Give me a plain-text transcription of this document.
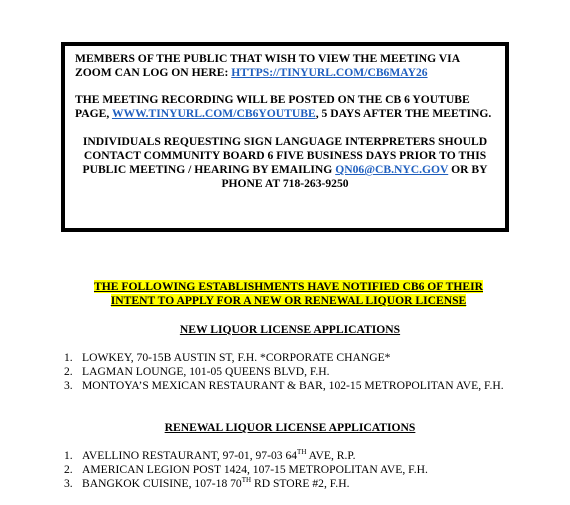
MEMBERS OF THE PUBLIC THAT WISH TO VIEW THE MEETING VIA ZOOM CAN LOG ON HERE: HTTPS://TINYURL.COM/CB6MAY26

THE MEETING RECORDING WILL BE POSTED ON THE CB 6 YOUTUBE PAGE, WWW.TINYURL.COM/CB6YOUTUBE, 5 DAYS AFTER THE MEETING.

INDIVIDUALS REQUESTING SIGN LANGUAGE INTERPRETERS SHOULD CONTACT COMMUNITY BOARD 6 FIVE BUSINESS DAYS PRIOR TO THIS PUBLIC MEETING / HEARING BY EMAILING QN06@CB.NYC.GOV OR BY PHONE AT 718-263-9250

THE FOLLOWING ESTABLISHMENTS HAVE NOTIFIED CB6 OF THEIR INTENT TO APPLY FOR A NEW OR RENEWAL LIQUOR LICENSE
NEW LIQUOR LICENSE APPLICATIONS
1. LOWKEY, 70-15B AUSTIN ST, F.H. *CORPORATE CHANGE*
2. LAGMAN LOUNGE, 101-05 QUEENS BLVD, F.H.
3. MONTOYA’S MEXICAN RESTAURANT & BAR, 102-15 METROPOLITAN AVE, F.H.
RENEWAL LIQUOR LICENSE APPLICATIONS
1. AVELLINO RESTAURANT, 97-01, 97-03 64TH AVE, R.P.
2. AMERICAN LEGION POST 1424, 107-15 METROPOLITAN AVE, F.H.
3. BANGKOK CUISINE, 107-18 70TH RD STORE #2, F.H.
